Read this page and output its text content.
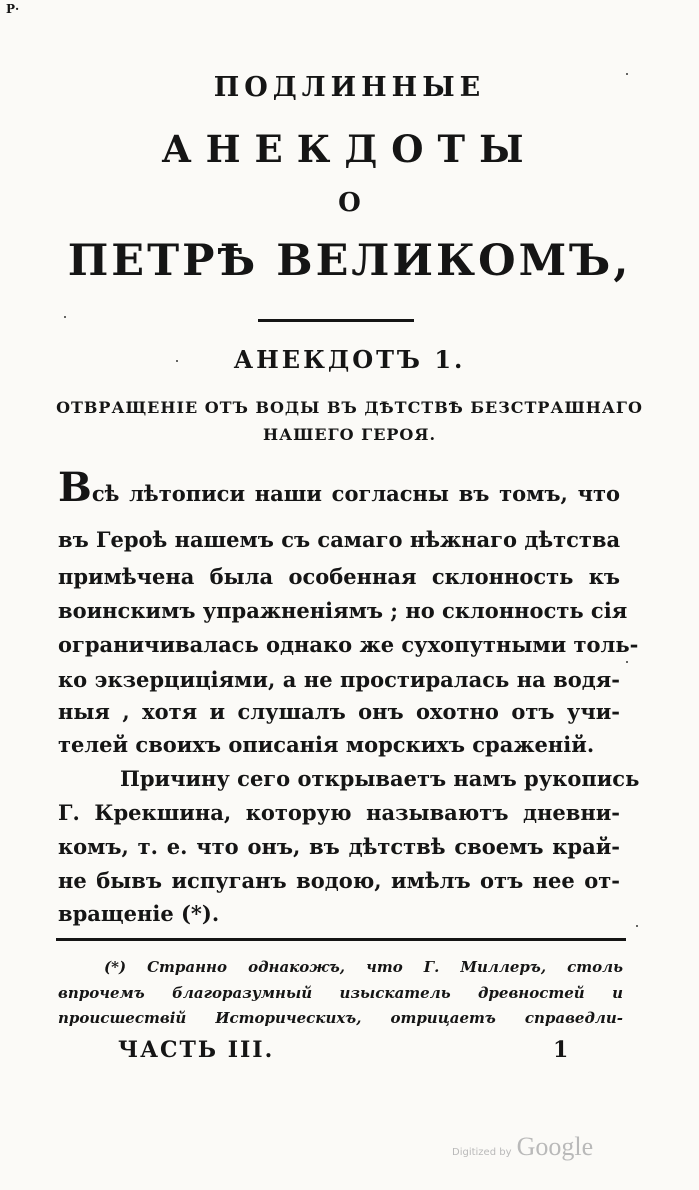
P·
ПОДЛИННЫЕ
АНЕКДОТЫ
О
ПЕТРѢ ВЕЛИКОМЪ,
АНЕКДОТЪ 1.
ОТВРАЩЕНІЕ ОТЪ ВОДЫ ВЪ ДѢТСТВѢ БЕЗСТРАШНАГО
НАШЕГО ГЕРОЯ.
Всѣ лѣтописи наши согласны въ томъ, что
въ Героѣ нашемъ съ самаго нѣжнаго дѣтства
примѣчена была особенная склонность къ
воинскимъ упражненіямъ ; но склонность сія
ограничивалась однако же сухопутными толь-
ко экзерциціями, а не простиралась на водя-
ныя , хотя и слушалъ онъ охотно отъ учи-
телей своихъ описанія морскихъ сраженій.
Причину сего открываетъ намъ рукопись
Г. Крекшина, которую называютъ дневни-
комъ, т. е. что онъ, въ дѣтствѣ своемъ край-
не бывъ испуганъ водою, имѣлъ отъ нее от-
вращеніе (*).
(*) Странно однакожъ, что Г. Миллеръ, столь
впрочемъ благоразумный изыскатель древностей и
происшествій Историческихъ, отрицаетъ справедли-
ЧАСТЬ III.	1
Digitized by Google
